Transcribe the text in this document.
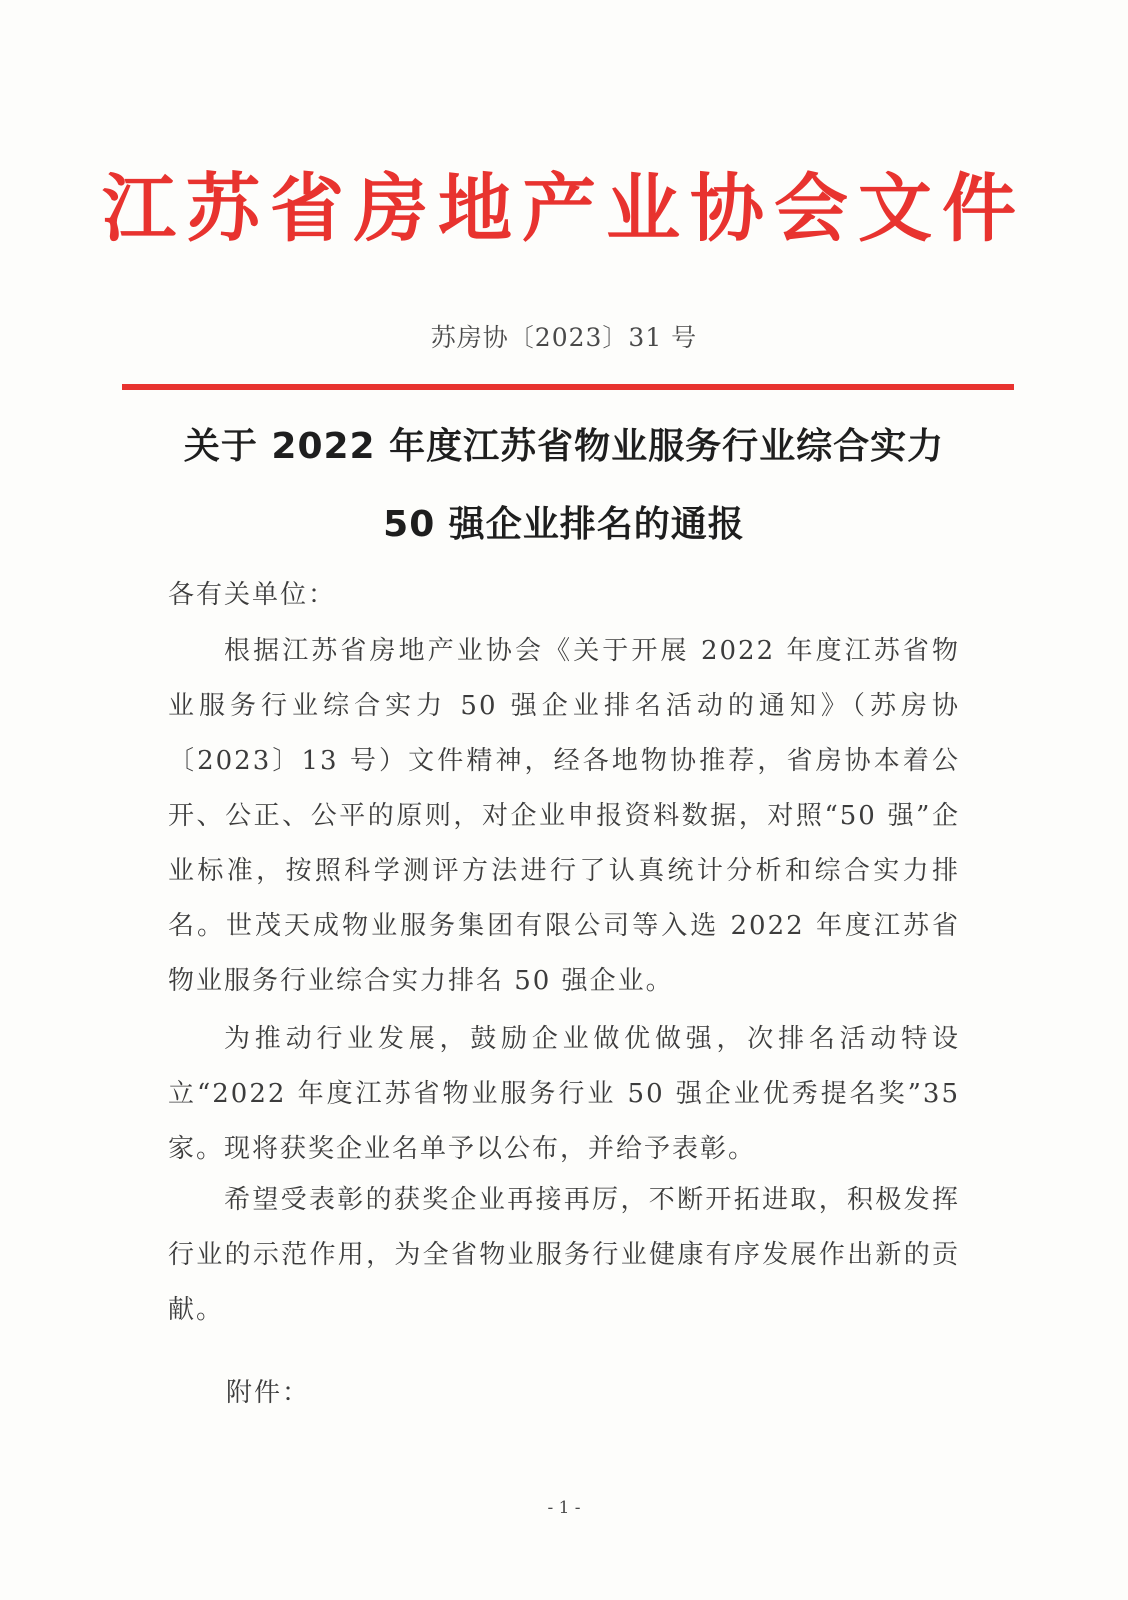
江苏省房地产业协会文件
苏房协〔2023〕31 号
关于 2022 年度江苏省物业服务行业综合实力
50 强企业排名的通报
各有关单位：
根据江苏省房地产业协会《关于开展 2022 年度江苏省物业服务行业综合实力 50 强企业排名活动的通知》（苏房协〔2023〕13 号）文件精神，经各地物协推荐，省房协本着公开、公正、公平的原则，对企业申报资料数据，对照“50 强”企业标准，按照科学测评方法进行了认真统计分析和综合实力排名。世茂天成物业服务集团有限公司等入选 2022 年度江苏省物业服务行业综合实力排名 50 强企业。
为推动行业发展，鼓励企业做优做强，次排名活动特设立“2022 年度江苏省物业服务行业 50 强企业优秀提名奖”35 家。现将获奖企业名单予以公布，并给予表彰。
希望受表彰的获奖企业再接再厉，不断开拓进取，积极发挥行业的示范作用，为全省物业服务行业健康有序发展作出新的贡献。
附件：
- 1 -
